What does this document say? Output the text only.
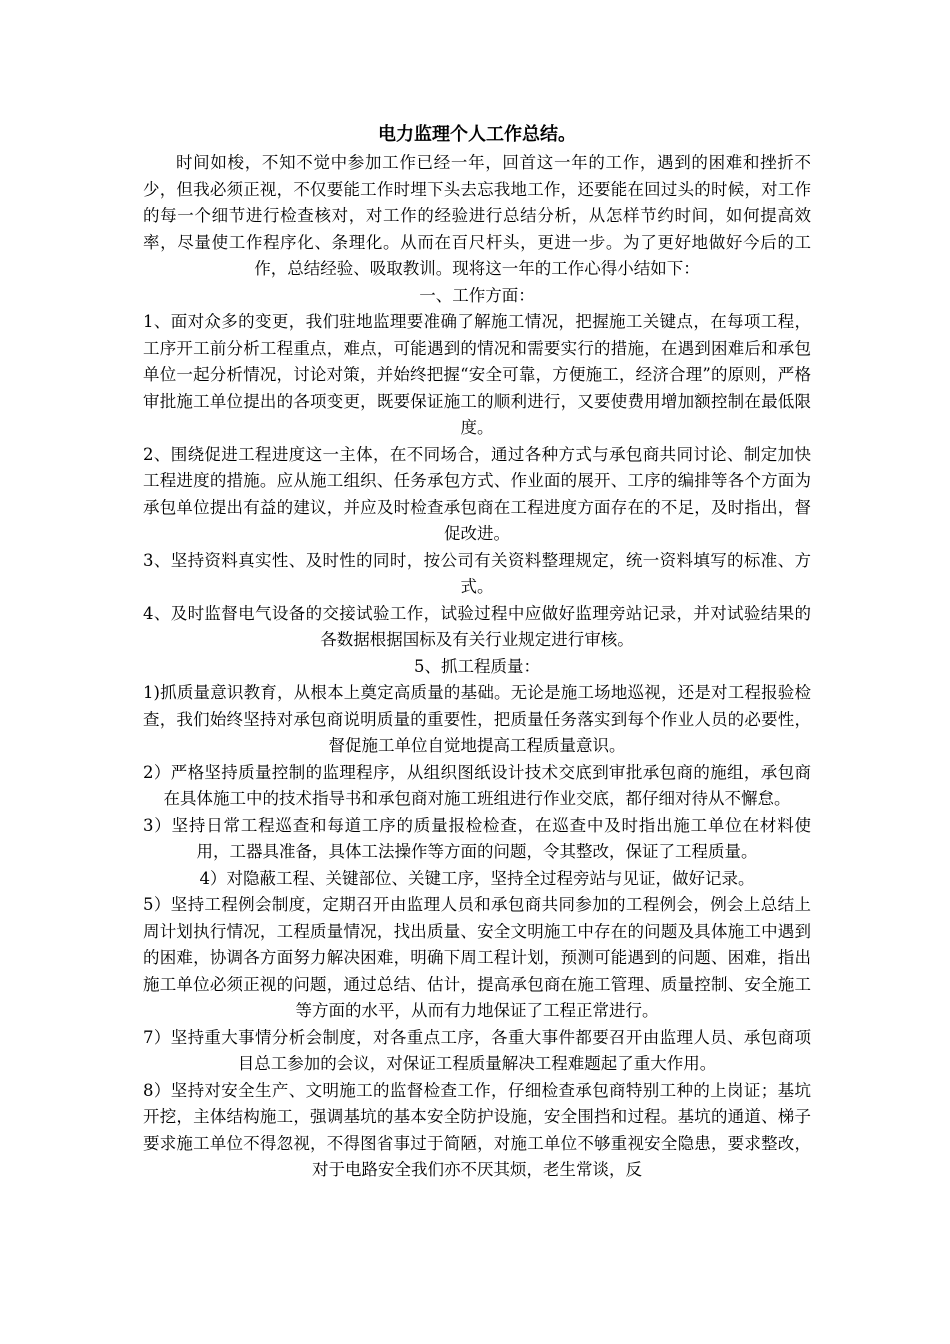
电力监理个人工作总结。

时间如梭，不知不觉中参加工作已经一年，回首这一年的工作，遇到的困难和挫折不少，但我必须正视，不仅要能工作时埋下头去忘我地工作，还要能在回过头的时候，对工作的每一个细节进行检查核对，对工作的经验进行总结分析，从怎样节约时间，如何提高效率，尽量使工作程序化、条理化。从而在百尺杆头，更进一步。为了更好地做好今后的工作，总结经验、吸取教训。现将这一年的工作心得小结如下：

一、工作方面：

1、面对众多的变更，我们驻地监理要准确了解施工情况，把握施工关键点，在每项工程，工序开工前分析工程重点，难点，可能遇到的情况和需要实行的措施，在遇到困难后和承包单位一起分析情况，讨论对策，并始终把握“安全可靠，方便施工，经济合理”的原则，严格审批施工单位提出的各项变更，既要保证施工的顺利进行，又要使费用增加额控制在最低限度。

2、围绕促进工程进度这一主体，在不同场合，通过各种方式与承包商共同讨论、制定加快工程进度的措施。应从施工组织、任务承包方式、作业面的展开、工序的编排等各个方面为承包单位提出有益的建议，并应及时检查承包商在工程进度方面存在的不足，及时指出，督促改进。

3、坚持资料真实性、及时性的同时，按公司有关资料整理规定，统一资料填写的标准、方式。

4、及时监督电气设备的交接试验工作，试验过程中应做好监理旁站记录，并对试验结果的各数据根据国标及有关行业规定进行审核。

5、抓工程质量：

1)抓质量意识教育，从根本上奠定高质量的基础。无论是施工场地巡视，还是对工程报验检查，我们始终坚持对承包商说明质量的重要性，把质量任务落实到每个作业人员的必要性，督促施工单位自觉地提高工程质量意识。

2）严格坚持质量控制的监理程序，从组织图纸设计技术交底到审批承包商的施组，承包商在具体施工中的技术指导书和承包商对施工班组进行作业交底，都仔细对待从不懈怠。

3）坚持日常工程巡查和每道工序的质量报检检查，在巡查中及时指出施工单位在材料使用，工器具准备，具体工法操作等方面的问题，令其整改，保证了工程质量。

4）对隐蔽工程、关键部位、关键工序，坚持全过程旁站与见证，做好记录。

5）坚持工程例会制度，定期召开由监理人员和承包商共同参加的工程例会，例会上总结上周计划执行情况，工程质量情况，找出质量、安全文明施工中存在的问题及具体施工中遇到的困难，协调各方面努力解决困难，明确下周工程计划，预测可能遇到的问题、困难，指出施工单位必须正视的问题，通过总结、估计，提高承包商在施工管理、质量控制、安全施工等方面的水平，从而有力地保证了工程正常进行。

7）坚持重大事情分析会制度，对各重点工序，各重大事件都要召开由监理人员、承包商项目总工参加的会议，对保证工程质量解决工程难题起了重大作用。

8）坚持对安全生产、文明施工的监督检查工作，仔细检查承包商特别工种的上岗证；基坑开挖，主体结构施工，强调基坑的基本安全防护设施，安全围挡和过程。基坑的通道、梯子要求施工单位不得忽视，不得图省事过于简陋，对施工单位不够重视安全隐患，要求整改，对于电路安全我们亦不厌其烦，老生常谈，反
